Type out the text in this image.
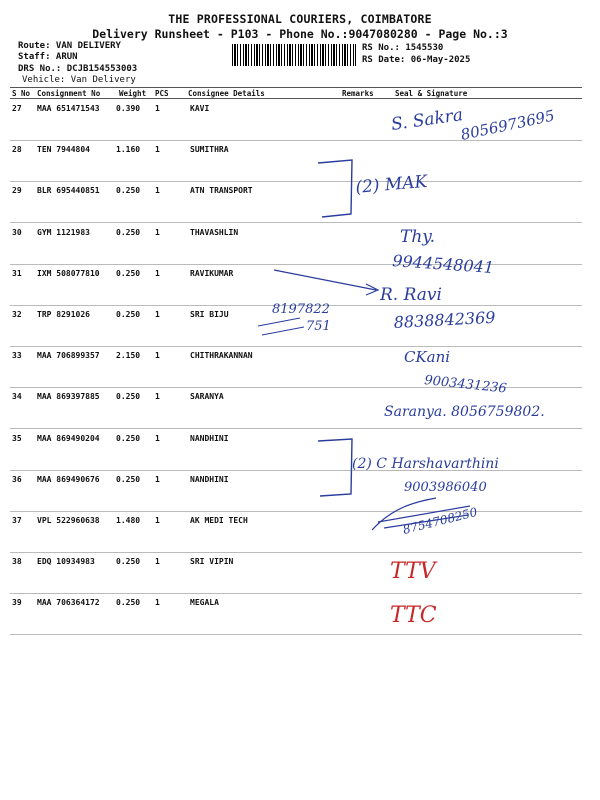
THE PROFESSIONAL COURIERS, COIMBATORE
Delivery Runsheet - P103 - Phone No.:9047080280 - Page No.:3
Route: VAN DELIVERY
Staff: ARUN
DRS No.: DCJB154553003
Vehicle: Van Delivery
RS No.: 1545530
RS Date: 06-May-2025
S No Consignment No	Weight PCS	Consignee Details	Remarks	Seal & Signature
27 MAA 651471543 0.390 1	KAVI
28 TEN 7944804	1.160 1	SUMITHRA
29 BLR 695440851 0.250 1	ATN TRANSPORT
30 GYM 1121983	0.250 1	THAVASHLIN
31 IXM 508077810 0.250 1	RAVIKUMAR
32 TRP 8291026	0.250 1	SRI BIJU
33 MAA 706899357 2.150 1	CHITHRAKANNAN
34 MAA 869397885 0.250 1	SARANYA
35 MAA 869490204 0.250 1	NANDHINI
36 MAA 869490676 0.250 1	NANDHINI
37 VPL 522960638 1.480 1	AK MEDI TECH
38 EDQ 10934983	0.250 1	SRI VIPIN
39 MAA 706364172 0.250 1	MEGALA
S. Sakra
8056973695
(2) MAK
Thy.
9944548041
R. Ravi
8197822
751	8838842369
CKani
9003431236
Saranya. 8056759802.
(2) C Harshavarthini
9003986040
8754708250
TTV
TTC
